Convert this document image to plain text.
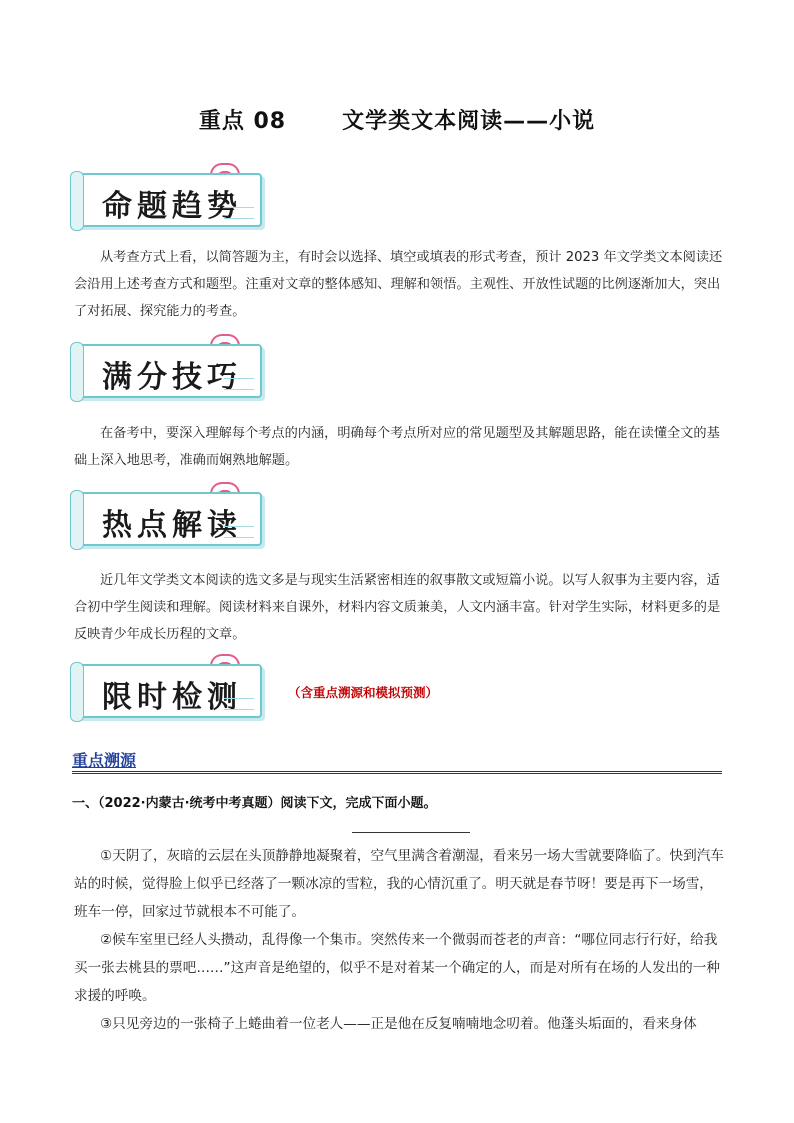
重点 08	文学类文本阅读——小说
命题趋势

从考查方式上看，以简答题为主，有时会以选择、填空或填表的形式考查，预计 2023 年文学类文本阅读还会沿用上述考查方式和题型。注重对文章的整体感知、理解和领悟。主观性、开放性试题的比例逐渐加大，突出了对拓展、探究能力的考查。

满分技巧

在备考中，要深入理解每个考点的内涵，明确每个考点所对应的常见题型及其解题思路，能在读懂全文的基础上深入地思考，准确而娴熟地解题。

热点解读

近几年文学类文本阅读的选文多是与现实生活紧密相连的叙事散文或短篇小说。以写人叙事为主要内容，适合初中学生阅读和理解。阅读材料来自课外，材料内容文质兼美，人文内涵丰富。针对学生实际，材料更多的是反映青少年成长历程的文章。

限时检测	（含重点溯源和模拟预测）
重点溯源
一、（2022·内蒙古·统考中考真题）阅读下文，完成下面小题。

①天阴了，灰暗的云层在头顶静静地凝聚着，空气里满含着潮湿，看来另一场大雪就要降临了。快到汽车站的时候，觉得脸上似乎已经落了一颗冰凉的雪粒，我的心情沉重了。明天就是春节呀！要是再下一场雪，班车一停，回家过节就根本不可能了。

②候车室里已经人头攒动，乱得像一个集市。突然传来一个微弱而苍老的声音：“哪位同志行行好，给我买一张去桃县的票吧……”这声音是绝望的，似乎不是对着某一个确定的人，而是对所有在场的人发出的一种求援的呼唤。

③只见旁边的一张椅子上蜷曲着一位老人——正是他在反复喃喃地念叨着。他蓬头垢面的，看来身体
